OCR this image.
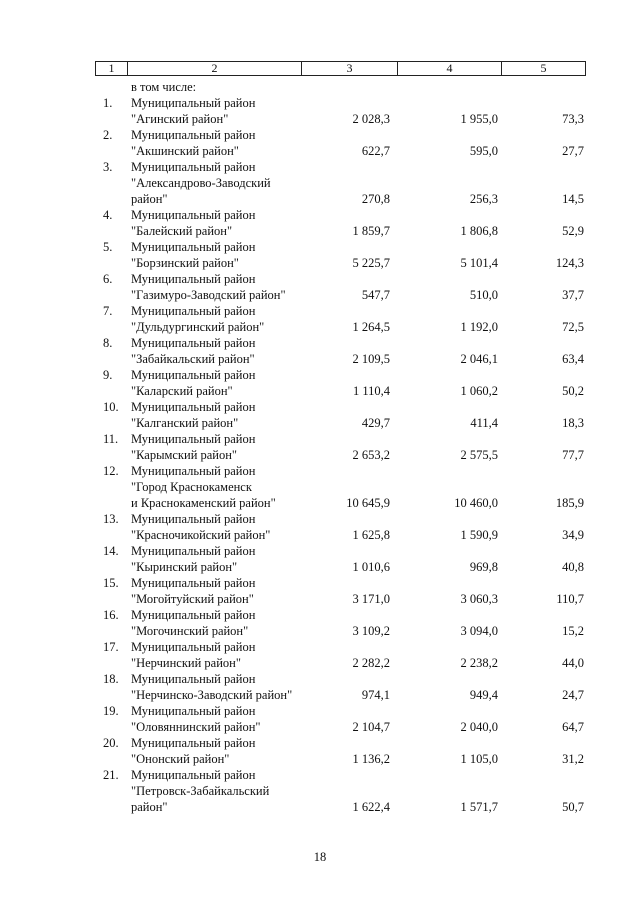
1	2	3	4	5
в том числе:
1.	Муниципальный район
"Агинский район"	2 028,3	1 955,0	73,3
2.	Муниципальный район
"Акшинский район"	622,7	595,0	27,7
3.	Муниципальный район
"Александрово-Заводский
район"	270,8	256,3	14,5
4.	Муниципальный район
"Балейский район"	1 859,7	1 806,8	52,9
5.	Муниципальный район
"Борзинский район"	5 225,7	5 101,4	124,3
6.	Муниципальный район
"Газимуро-Заводский район"	547,7	510,0	37,7
7.	Муниципальный район
"Дульдургинский район"	1 264,5	1 192,0	72,5
8.	Муниципальный район
"Забайкальский район"	2 109,5	2 046,1	63,4
9.	Муниципальный район
"Каларский район"	1 110,4	1 060,2	50,2
10. Муниципальный район
"Калганский район"	429,7	411,4	18,3
11.	Муниципальный район
"Карымский район"	2 653,2	2 575,5	77,7
12. Муниципальный район
"Город Краснокаменск
и Краснокаменский район"	10 645,9	10 460,0	185,9
13. Муниципальный район
"Красночикойский район"	1 625,8	1 590,9	34,9
14. Муниципальный район
"Кыринский район"	1 010,6	969,8	40,8
15. Муниципальный район
"Могойтуйский район"	3 171,0	3 060,3	110,7
16. Муниципальный район
"Могочинский район"	3 109,2	3 094,0	15,2
17. Муниципальный район
"Нерчинский район"	2 282,2	2 238,2	44,0
18. Муниципальный район
"Нерчинско-Заводский район"	974,1	949,4	24,7
19. Муниципальный район
"Оловяннинский район"	2 104,7	2 040,0	64,7
20. Муниципальный район
"Ононский район"	1 136,2	1 105,0	31,2
21. Муниципальный район
"Петровск-Забайкальский
район"	1 622,4	1 571,7	50,7
18
